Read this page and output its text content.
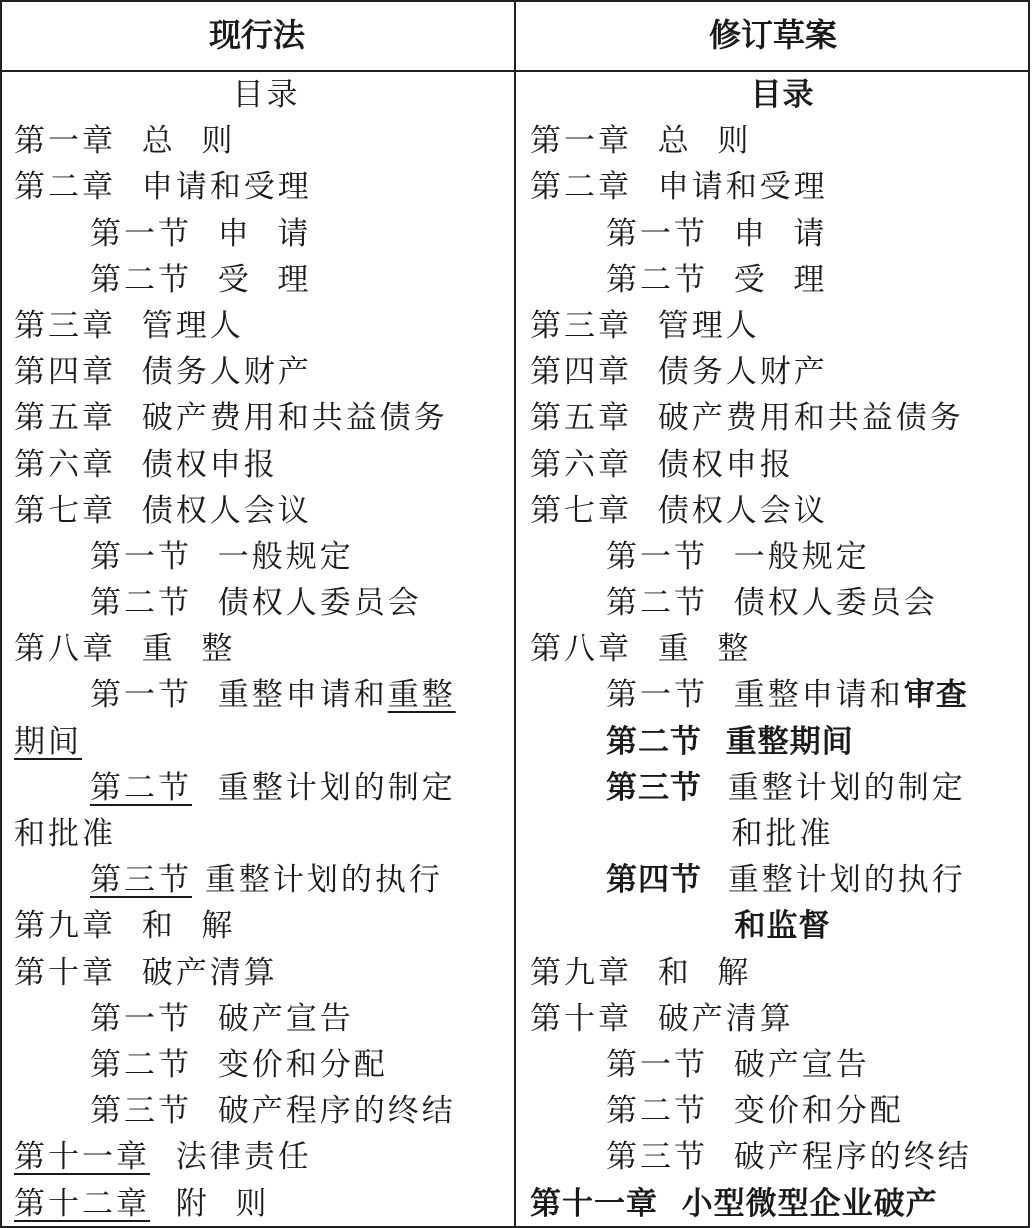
现行法	修订草案
目录
第一章  总  则
第二章  申请和受理
第一节  申  请
第二节  受  理
第三章  管理人
第四章  债务人财产
第五章  破产费用和共益债务
第六章  债权申报
第七章  债权人会议
第一节  一般规定
第二节  债权人委员会
第八章  重  整
第一节  重整申请和重整
期间
第二节  重整计划的制定
和批准
第三节 重整计划的执行
第九章  和  解
第十章  破产清算
第一节  破产宣告
第二节  变价和分配
第三节  破产程序的终结
第十一章  法律责任
第十二章  附  则
目录
第一章  总  则
第二章  申请和受理
第一节  申  请
第二节  受  理
第三章  管理人
第四章  债务人财产
第五章  破产费用和共益债务
第六章  债权申报
第七章  债权人会议
第一节  一般规定
第二节  债权人委员会
第八章  重  整
第一节  重整申请和审查
第二节  重整期间
第三节  重整计划的制定
和批准
第四节  重整计划的执行
和监督
第九章  和  解
第十章  破产清算
第一节  破产宣告
第二节  变价和分配
第三节  破产程序的终结
第十一章  小型微型企业破产
